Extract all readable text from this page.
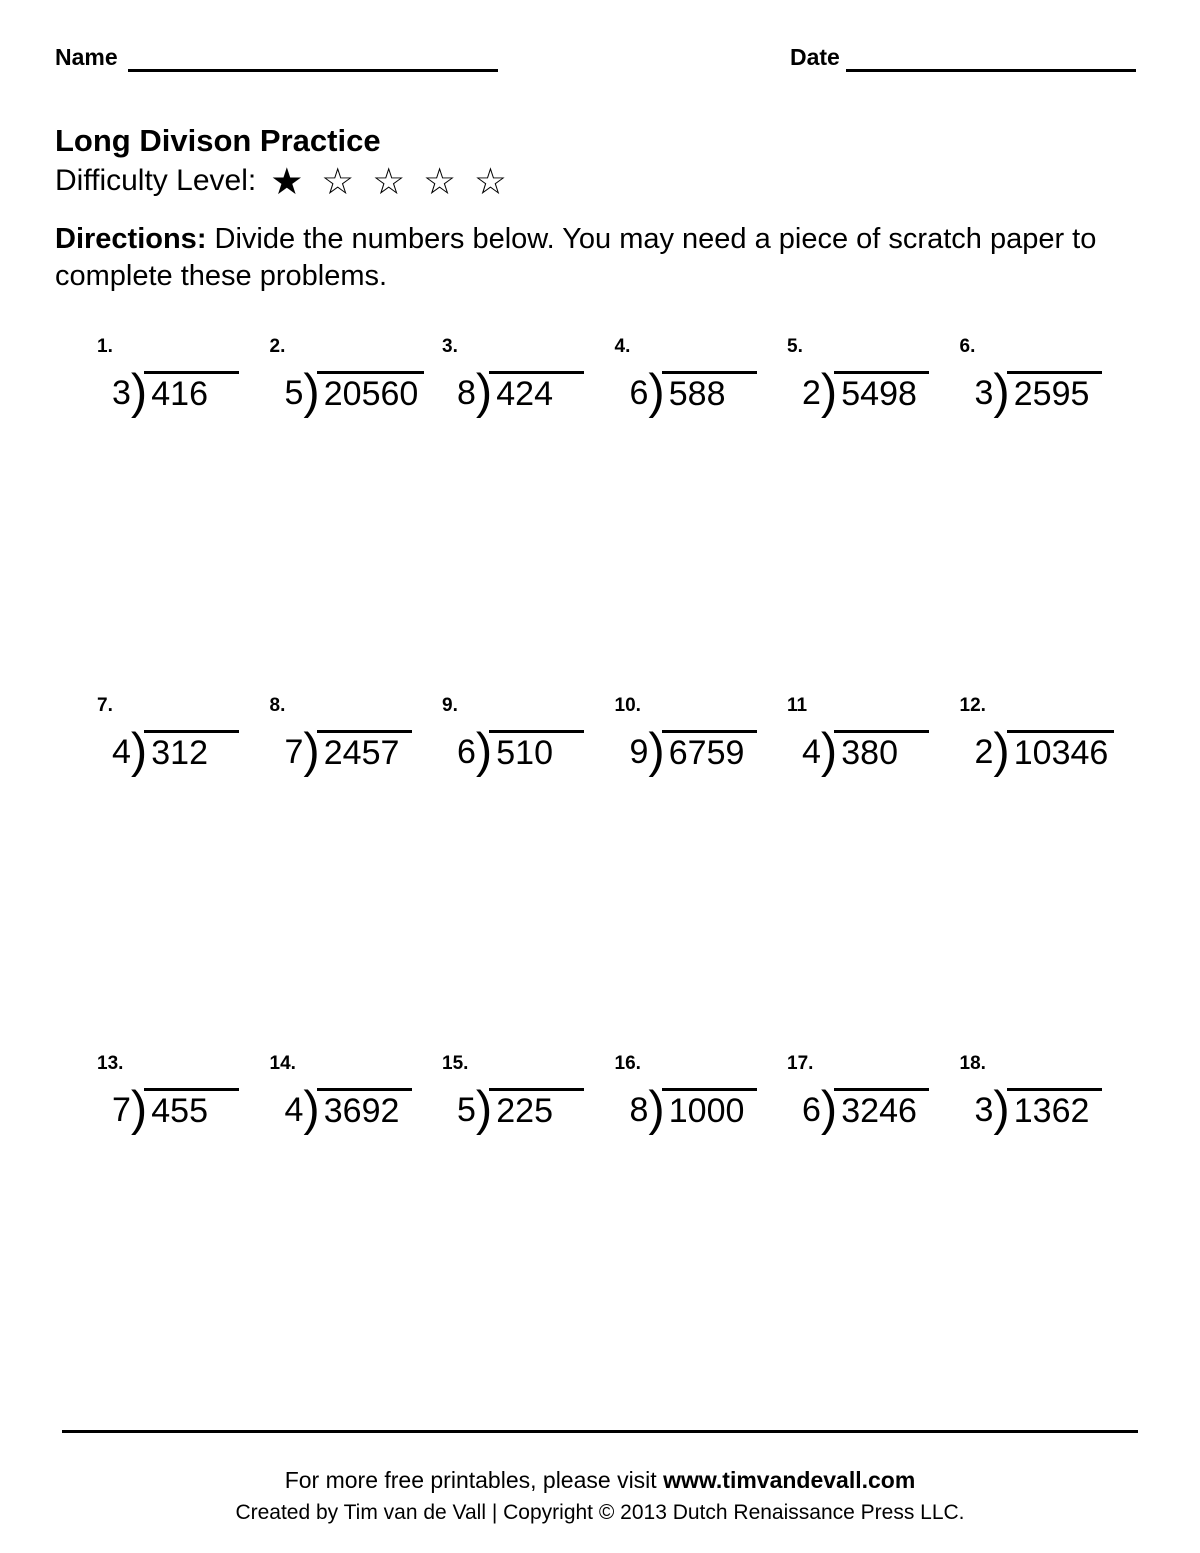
Name	Date
Long Divison Practice
Difficulty Level: ★ ☆ ☆ ☆ ☆
Directions: Divide the numbers below. You may need a piece of scratch paper to complete these problems.
1.
3 ) 416
2.
5 ) 20560
3.
8 ) 424
4.
6 ) 588
5.
2 ) 5498
6.
3 ) 2595
7.
4 ) 312
8.
7 ) 2457
9.
6 ) 510
10.
9 ) 6759
11
4 ) 380
12.
2 ) 10346
13.
7 ) 455
14.
4 ) 3692
15.
5 ) 225
16.
8 ) 1000
17.
6 ) 3246
18.
3 ) 1362
For more free printables, please visit www.timvandevall.com
Created by Tim van de Vall | Copyright © 2013 Dutch Renaissance Press LLC.
